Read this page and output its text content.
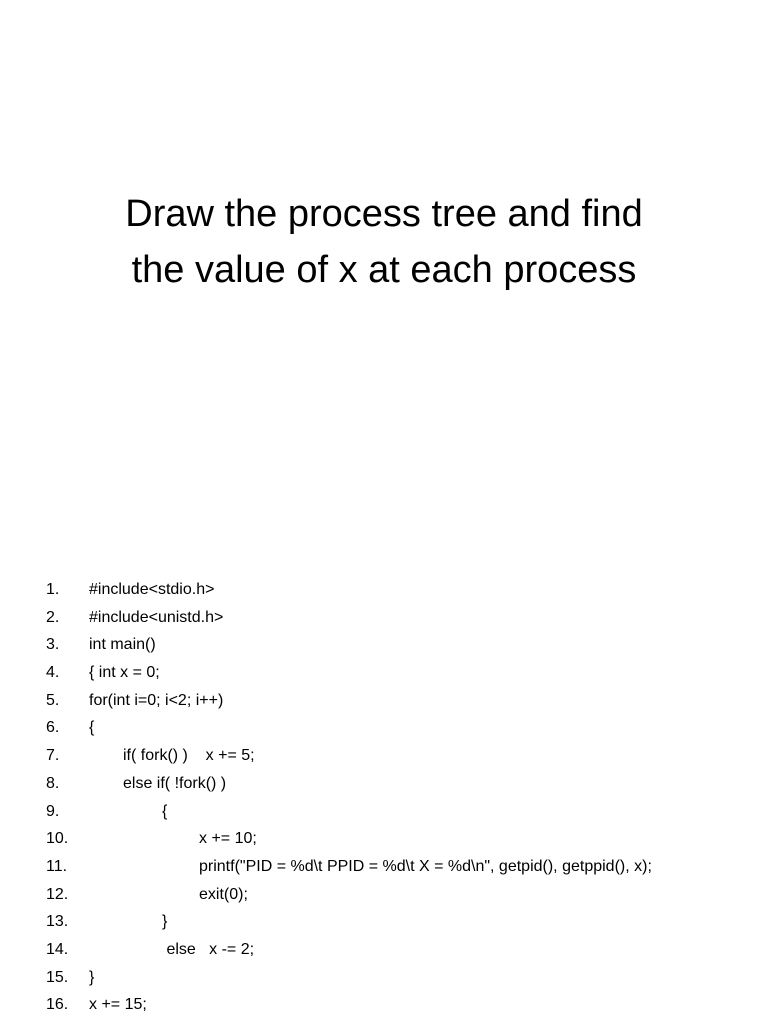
Draw the process tree and find
the value of x at each process
1. #include<stdio.h>
2. #include<unistd.h>
3. int main()
4. { int x = 0;
5. for(int i=0; i<2; i++)
6. {
7.	if( fork() )    x += 5;
8.	else if( !fork() )
9.	{
10.	x += 10;
11.	printf("PID = %d\t PPID = %d\t X = %d\n", getpid(), getppid(), x);
12.	exit(0);
13.	}
14.	else   x -= 2;
15. }
16. x += 15;
